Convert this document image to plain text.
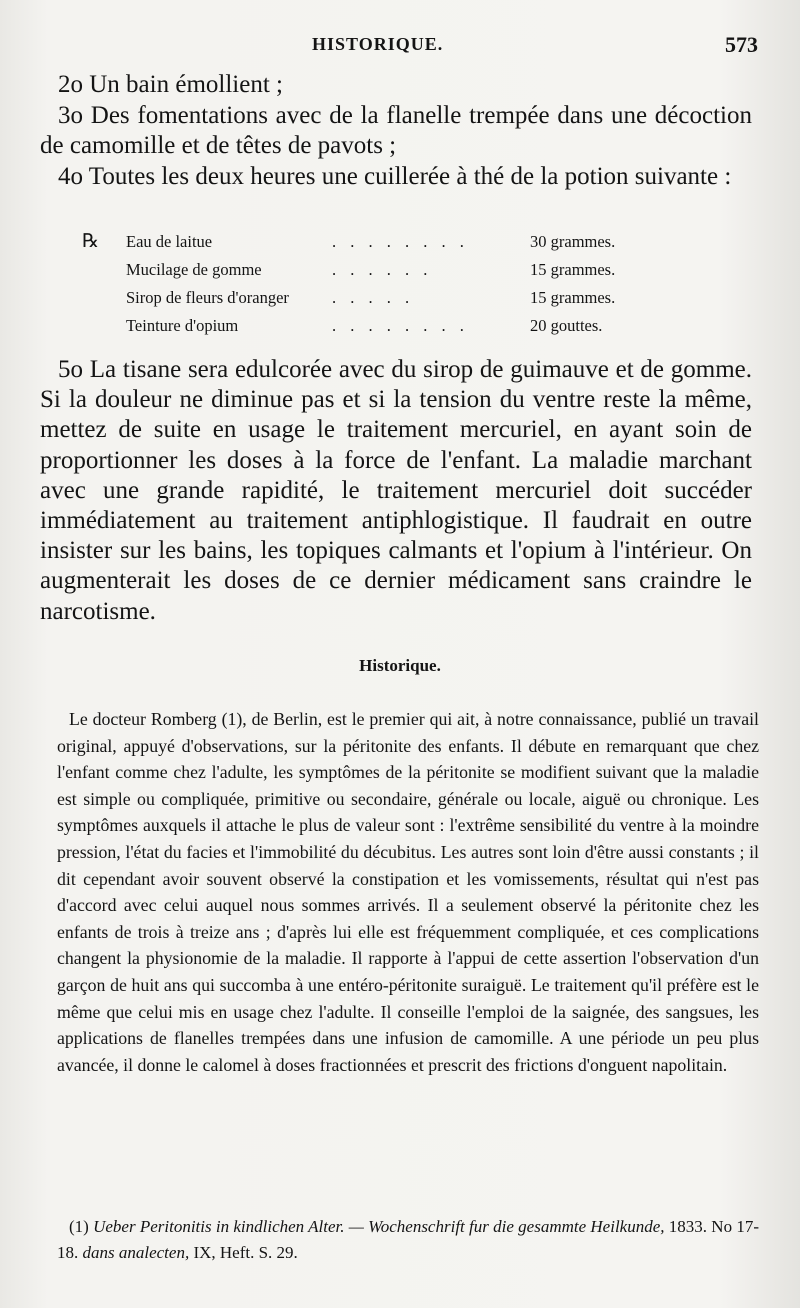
HISTORIQUE.	573

2o Un bain émollient ;

3o Des fomentations avec de la flanelle trempée dans une décoction de camomille et de têtes de pavots ;

4o Toutes les deux heures une cuillerée à thé de la potion suivante :

℞ Eau de laitue	. . . . . . . .	30 grammes.
Mucilage de gomme	. . . . . .	15 grammes.
Sirop de fleurs d'oranger	. . . . .	15 grammes.
Teinture d'opium	. . . . . . . .	20 gouttes.

5o La tisane sera edulcorée avec du sirop de guimauve et de gomme. Si la douleur ne diminue pas et si la tension du ventre reste la même, mettez de suite en usage le traitement mercuriel, en ayant soin de proportionner les doses à la force de l'enfant. La maladie marchant avec une grande rapidité, le traitement mercuriel doit succéder immédiatement au traitement antiphlogistique. Il faudrait en outre insister sur les bains, les topiques calmants et l'opium à l'intérieur. On augmenterait les doses de ce dernier médicament sans craindre le narcotisme.

Historique.

Le docteur Romberg (1), de Berlin, est le premier qui ait, à notre connaissance, publié un travail original, appuyé d'observations, sur la péritonite des enfants. Il débute en remarquant que chez l'enfant comme chez l'adulte, les symptômes de la péritonite se modifient suivant que la maladie est simple ou compliquée, primitive ou secondaire, générale ou locale, aiguë ou chronique. Les symptômes auxquels il attache le plus de valeur sont : l'extrême sensibilité du ventre à la moindre pression, l'état du facies et l'immobilité du décubitus. Les autres sont loin d'être aussi constants ; il dit cependant avoir souvent observé la constipation et les vomissements, résultat qui n'est pas d'accord avec celui auquel nous sommes arrivés. Il a seulement observé la péritonite chez les enfants de trois à treize ans ; d'après lui elle est fréquemment compliquée, et ces complications changent la physionomie de la maladie. Il rapporte à l'appui de cette assertion l'observation d'un garçon de huit ans qui succomba à une entéro-péritonite suraiguë. Le traitement qu'il préfère est le même que celui mis en usage chez l'adulte. Il conseille l'emploi de la saignée, des sangsues, les applications de flanelles trempées dans une infusion de camomille. A une période un peu plus avancée, il donne le calomel à doses fractionnées et prescrit des frictions d'onguent napolitain.

(1) Ueber Peritonitis in kindlichen Alter. — Wochenschrift fur die gesammte Heilkunde, 1833. No 17-18. dans analecten, IX, Heft. S. 29.
